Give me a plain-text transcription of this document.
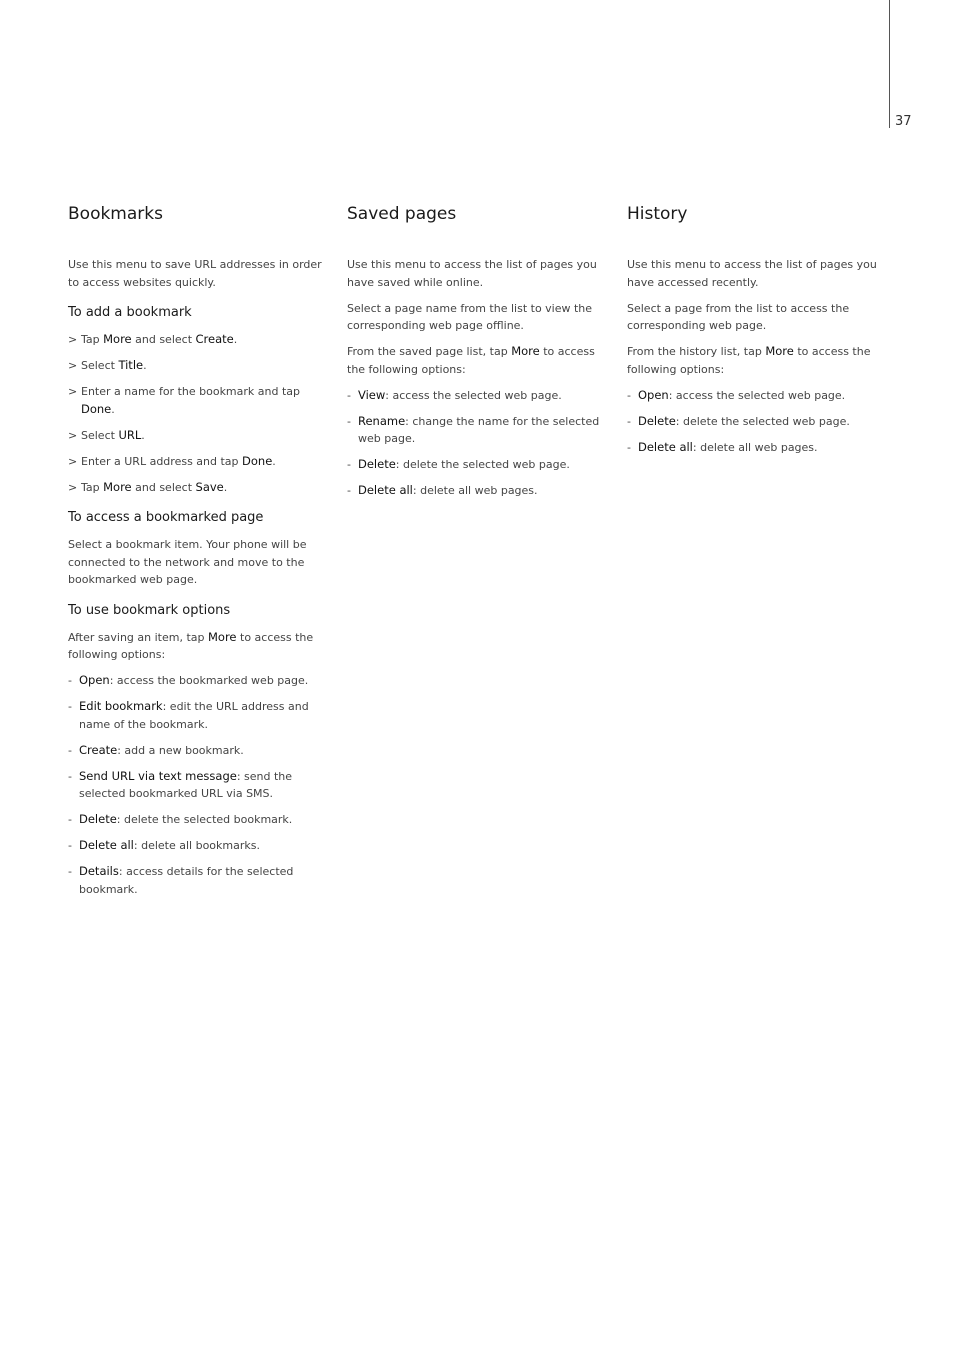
37
Bookmarks

Use this menu to save URL addresses in order to access websites quickly.

To add a bookmark
> Tap More and select Create.
> Select Title.
> Enter a name for the bookmark and tap Done.
> Select URL.
> Enter a URL address and tap Done.
> Tap More and select Save.
To access a bookmarked page

Select a bookmark item. Your phone will be connected to the network and move to the bookmarked web page.

To use bookmark options

After saving an item, tap More to access the following options:

- Open: access the bookmarked web page.
- Edit bookmark: edit the URL address and name of the bookmark.
- Create: add a new bookmark.
- Send URL via text message: send the selected bookmarked URL via SMS.
- Delete: delete the selected bookmark.
- Delete all: delete all bookmarks.
- Details: access details for the selected bookmark.
Saved pages

Use this menu to access the list of pages you have saved while online.

Select a page name from the list to view the corresponding web page offline.

From the saved page list, tap More to access the following options:

- View: access the selected web page.
- Rename: change the name for the selected web page.
- Delete: delete the selected web page.
- Delete all: delete all web pages.
History

Use this menu to access the list of pages you have accessed recently.

Select a page from the list to access the corresponding web page.

From the history list, tap More to access the following options:

- Open: access the selected web page.
- Delete: delete the selected web page.
- Delete all: delete all web pages.
